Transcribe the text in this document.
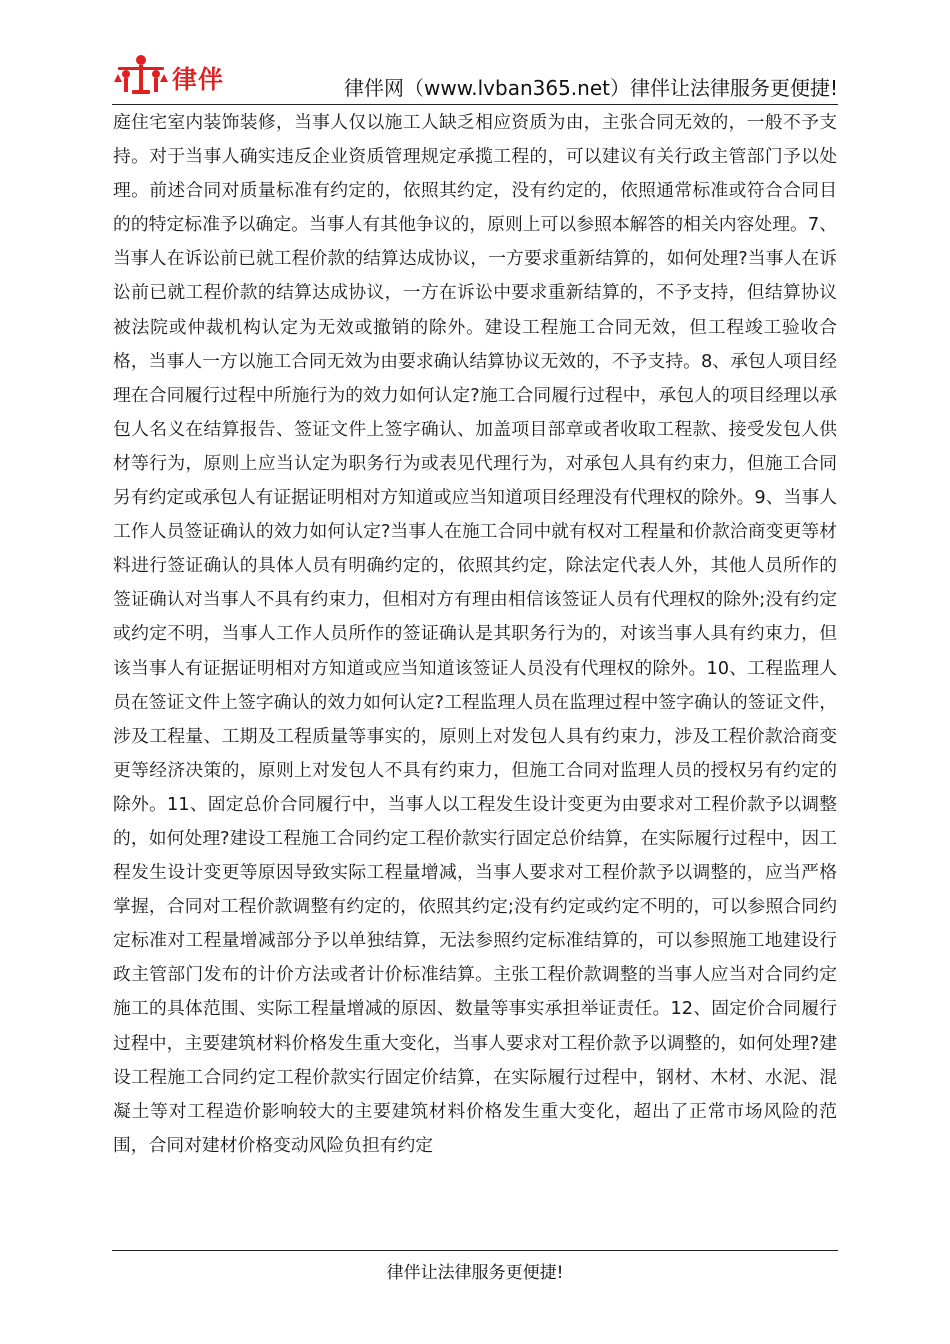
律伴	律伴网（www.lvban365.net）律伴让法律服务更便捷!

庭住宅室内装饰装修，当事人仅以施工人缺乏相应资质为由，主张合同无效的，一般不予支持。对于当事人确实违反企业资质管理规定承揽工程的，可以建议有关行政主管部门予以处理。前述合同对质量标准有约定的，依照其约定，没有约定的，依照通常标准或符合合同目的的特定标准予以确定。当事人有其他争议的，原则上可以参照本解答的相关内容处理。7、当事人在诉讼前已就工程价款的结算达成协议，一方要求重新结算的，如何处理?当事人在诉讼前已就工程价款的结算达成协议，一方在诉讼中要求重新结算的，不予支持，但结算协议被法院或仲裁机构认定为无效或撤销的除外。建设工程施工合同无效，但工程竣工验收合格，当事人一方以施工合同无效为由要求确认结算协议无效的，不予支持。8、承包人项目经理在合同履行过程中所施行为的效力如何认定?施工合同履行过程中，承包人的项目经理以承包人名义在结算报告、签证文件上签字确认、加盖项目部章或者收取工程款、接受发包人供材等行为，原则上应当认定为职务行为或表见代理行为，对承包人具有约束力，但施工合同另有约定或承包人有证据证明相对方知道或应当知道项目经理没有代理权的除外。9、当事人工作人员签证确认的效力如何认定?当事人在施工合同中就有权对工程量和价款洽商变更等材料进行签证确认的具体人员有明确约定的，依照其约定，除法定代表人外，其他人员所作的签证确认对当事人不具有约束力，但相对方有理由相信该签证人员有代理权的除外;没有约定或约定不明，当事人工作人员所作的签证确认是其职务行为的，对该当事人具有约束力，但该当事人有证据证明相对方知道或应当知道该签证人员没有代理权的除外。10、工程监理人员在签证文件上签字确认的效力如何认定?工程监理人员在监理过程中签字确认的签证文件，涉及工程量、工期及工程质量等事实的，原则上对发包人具有约束力，涉及工程价款洽商变更等经济决策的，原则上对发包人不具有约束力，但施工合同对监理人员的授权另有约定的除外。11、固定总价合同履行中，当事人以工程发生设计变更为由要求对工程价款予以调整的，如何处理?建设工程施工合同约定工程价款实行固定总价结算，在实际履行过程中，因工程发生设计变更等原因导致实际工程量增减，当事人要求对工程价款予以调整的，应当严格掌握，合同对工程价款调整有约定的，依照其约定;没有约定或约定不明的，可以参照合同约定标准对工程量增减部分予以单独结算，无法参照约定标准结算的，可以参照施工地建设行政主管部门发布的计价方法或者计价标准结算。主张工程价款调整的当事人应当对合同约定施工的具体范围、实际工程量增减的原因、数量等事实承担举证责任。12、固定价合同履行过程中，主要建筑材料价格发生重大变化，当事人要求对工程价款予以调整的，如何处理?建设工程施工合同约定工程价款实行固定价结算，在实际履行过程中，钢材、木材、水泥、混凝土等对工程造价影响较大的主要建筑材料价格发生重大变化，超出了正常市场风险的范围，合同对建材价格变动风险负担有约定

律伴让法律服务更便捷!
